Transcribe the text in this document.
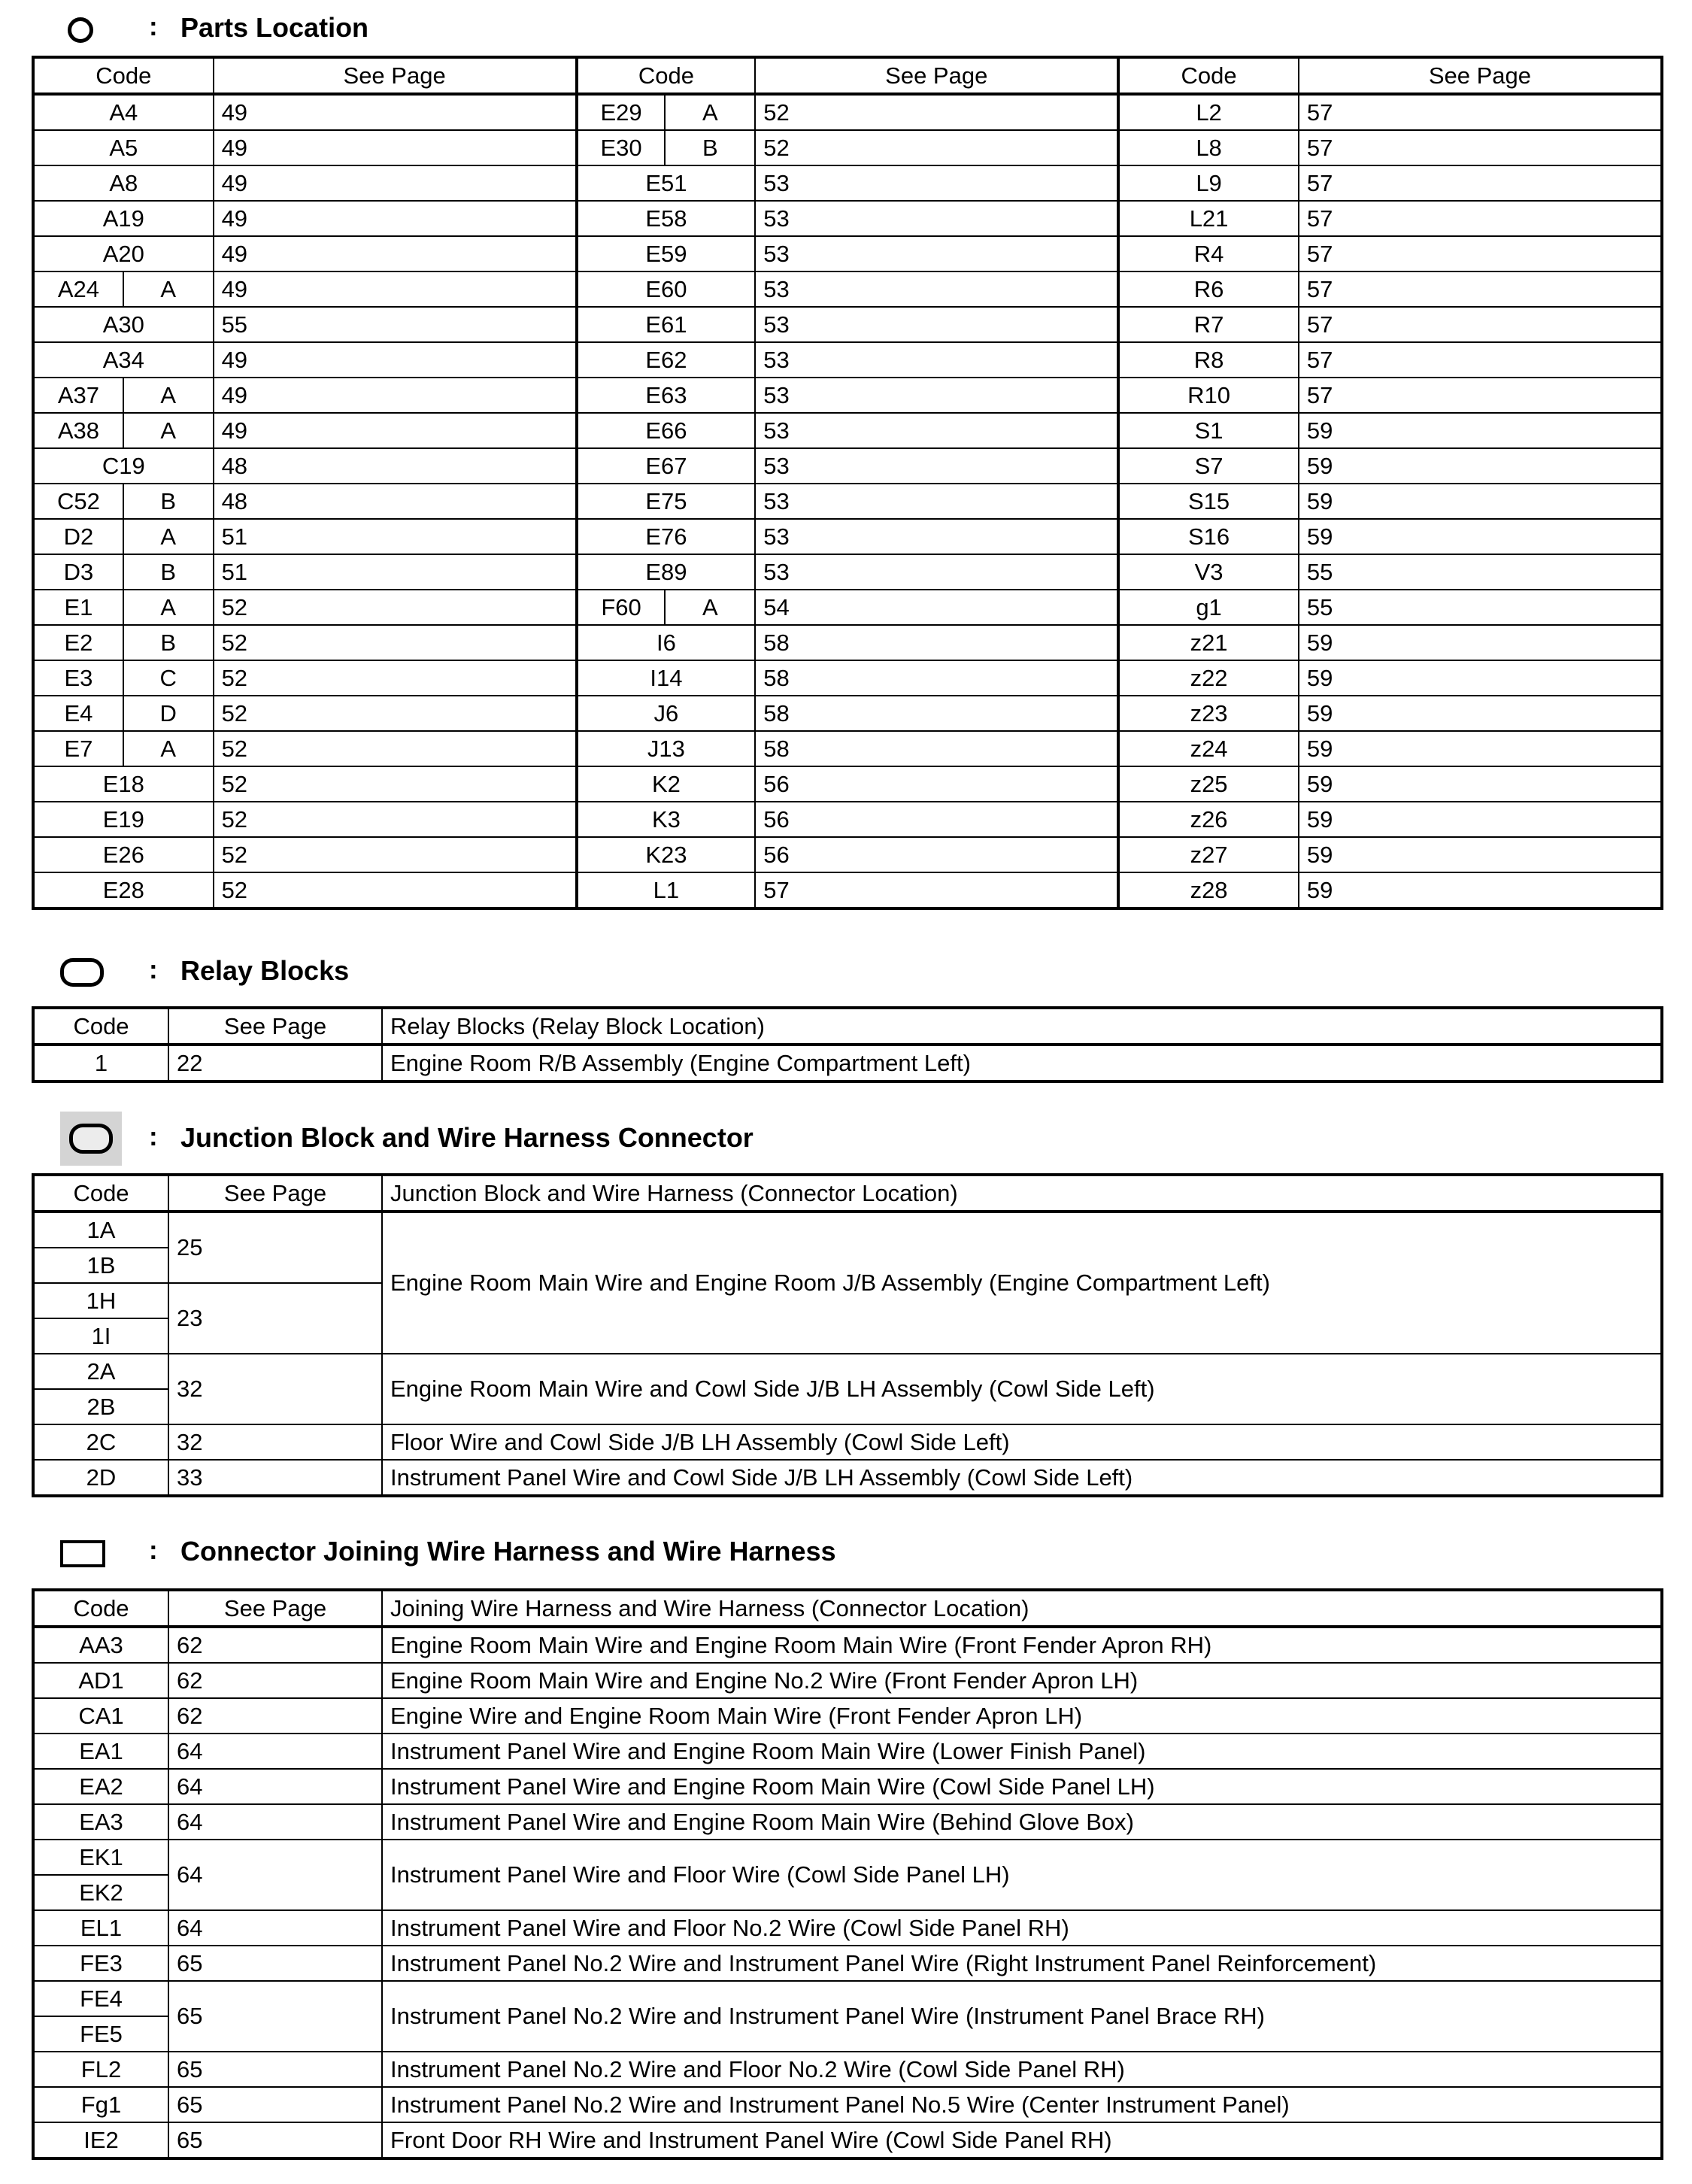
: Parts Location
Code		See Page	Code		See Page	Code	See Page
A4		49	E29	A	52	L2	57
A5		49	E30	B	52	L8	57
A8		49	E51		53	L9	57
A19		49	E58		53	L21	57
A20		49	E59		53	R4	57
A24	A	49	E60		53	R6	57
A30		55	E61		53	R7	57
A34		49	E62		53	R8	57
A37	A	49	E63		53	R10	57
A38	A	49	E66		53	S1	59
C19		48	E67		53	S7	59
C52	B	48	E75		53	S15	59
D2	A	51	E76		53	S16	59
D3	B	51	E89		53	V3	55
E1	A	52	F60	A	54	g1	55
E2	B	52	I6		58	z21	59
E3	C	52	I14		58	z22	59
E4	D	52	J6		58	z23	59
E7	A	52	J13		58	z24	59
E18		52	K2		56	z25	59
E19		52	K3		56	z26	59
E26		52	K23		56	z27	59
E28		52	L1		57	z28	59
: Relay Blocks
Code	See Page	Relay Blocks (Relay Block Location)
1	22	Engine Room R/B Assembly (Engine Compartment Left)
: Junction Block and Wire Harness Connector
Code	See Page	Junction Block and Wire Harness (Connector Location)
1A	25	Engine Room Main Wire and Engine Room J/B Assembly (Engine Compartment Left)
1B		
1H	23	
1I		
2A	32	Engine Room Main Wire and Cowl Side J/B LH Assembly (Cowl Side Left)
2B		
2C	32	Floor Wire and Cowl Side J/B LH Assembly (Cowl Side Left)
2D	33	Instrument Panel Wire and Cowl Side J/B LH Assembly (Cowl Side Left)
: Connector Joining Wire Harness and Wire Harness
Code	See Page	Joining Wire Harness and Wire Harness (Connector Location)
AA3	62	Engine Room Main Wire and Engine Room Main Wire (Front Fender Apron RH)
AD1	62	Engine Room Main Wire and Engine No.2 Wire (Front Fender Apron LH)
CA1	62	Engine Wire and Engine Room Main Wire (Front Fender Apron LH)
EA1	64	Instrument Panel Wire and Engine Room Main Wire (Lower Finish Panel)
EA2	64	Instrument Panel Wire and Engine Room Main Wire (Cowl Side Panel LH)
EA3	64	Instrument Panel Wire and Engine Room Main Wire (Behind Glove Box)
EK1	64	Instrument Panel Wire and Floor Wire (Cowl Side Panel LH)
EK2		
EL1	64	Instrument Panel Wire and Floor No.2 Wire (Cowl Side Panel RH)
FE3	65	Instrument Panel No.2 Wire and Instrument Panel Wire (Right Instrument Panel Reinforcement)
FE4	65	Instrument Panel No.2 Wire and Instrument Panel Wire (Instrument Panel Brace RH)
FE5		
FL2	65	Instrument Panel No.2 Wire and Floor No.2 Wire (Cowl Side Panel RH)
Fg1	65	Instrument Panel No.2 Wire and Instrument Panel No.5 Wire (Center Instrument Panel)
IE2	65	Front Door RH Wire and Instrument Panel Wire (Cowl Side Panel RH)
